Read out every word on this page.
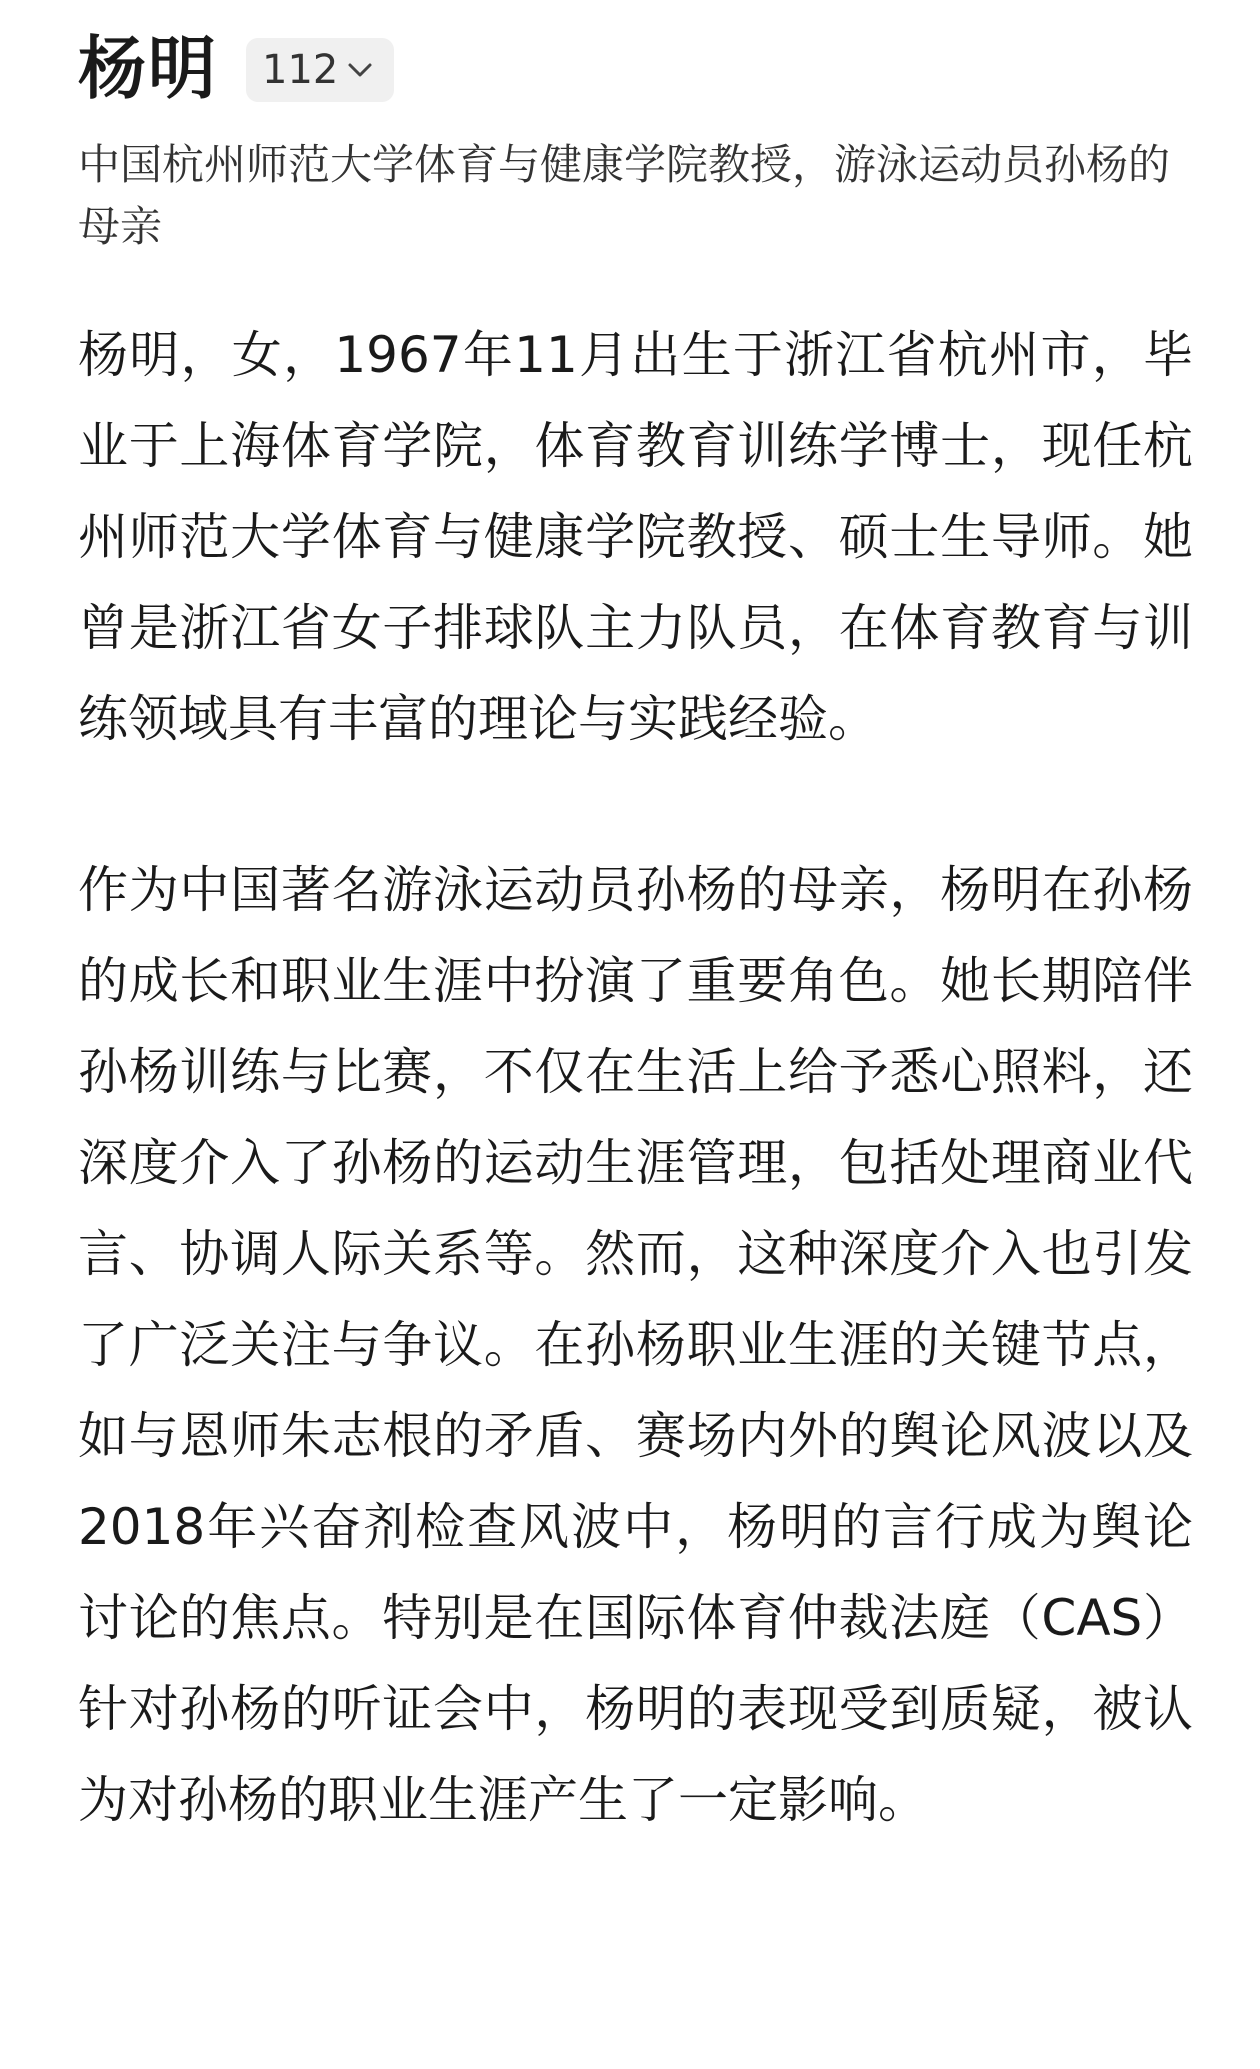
杨明 112
中国杭州师范大学体育与健康学院教授，游泳运动员孙杨的母亲

杨明，女，1967年11月出生于浙江省杭州市，毕业于上海体育学院，体育教育训练学博士，现任杭州师范大学体育与健康学院教授、硕士生导师。她曾是浙江省女子排球队主力队员，在体育教育与训练领域具有丰富的理论与实践经验。

作为中国著名游泳运动员孙杨的母亲，杨明在孙杨的成长和职业生涯中扮演了重要角色。她长期陪伴孙杨训练与比赛，不仅在生活上给予悉心照料，还深度介入了孙杨的运动生涯管理，包括处理商业代言、协调人际关系等。然而，这种深度介入也引发了广泛关注与争议。在孙杨职业生涯的关键节点，如与恩师朱志根的矛盾、赛场内外的舆论风波以及2018年兴奋剂检查风波中，杨明的言行成为舆论讨论的焦点。特别是在国际体育仲裁法庭（CAS）针对孙杨的听证会中，杨明的表现受到质疑，被认为对孙杨的职业生涯产生了一定影响。
